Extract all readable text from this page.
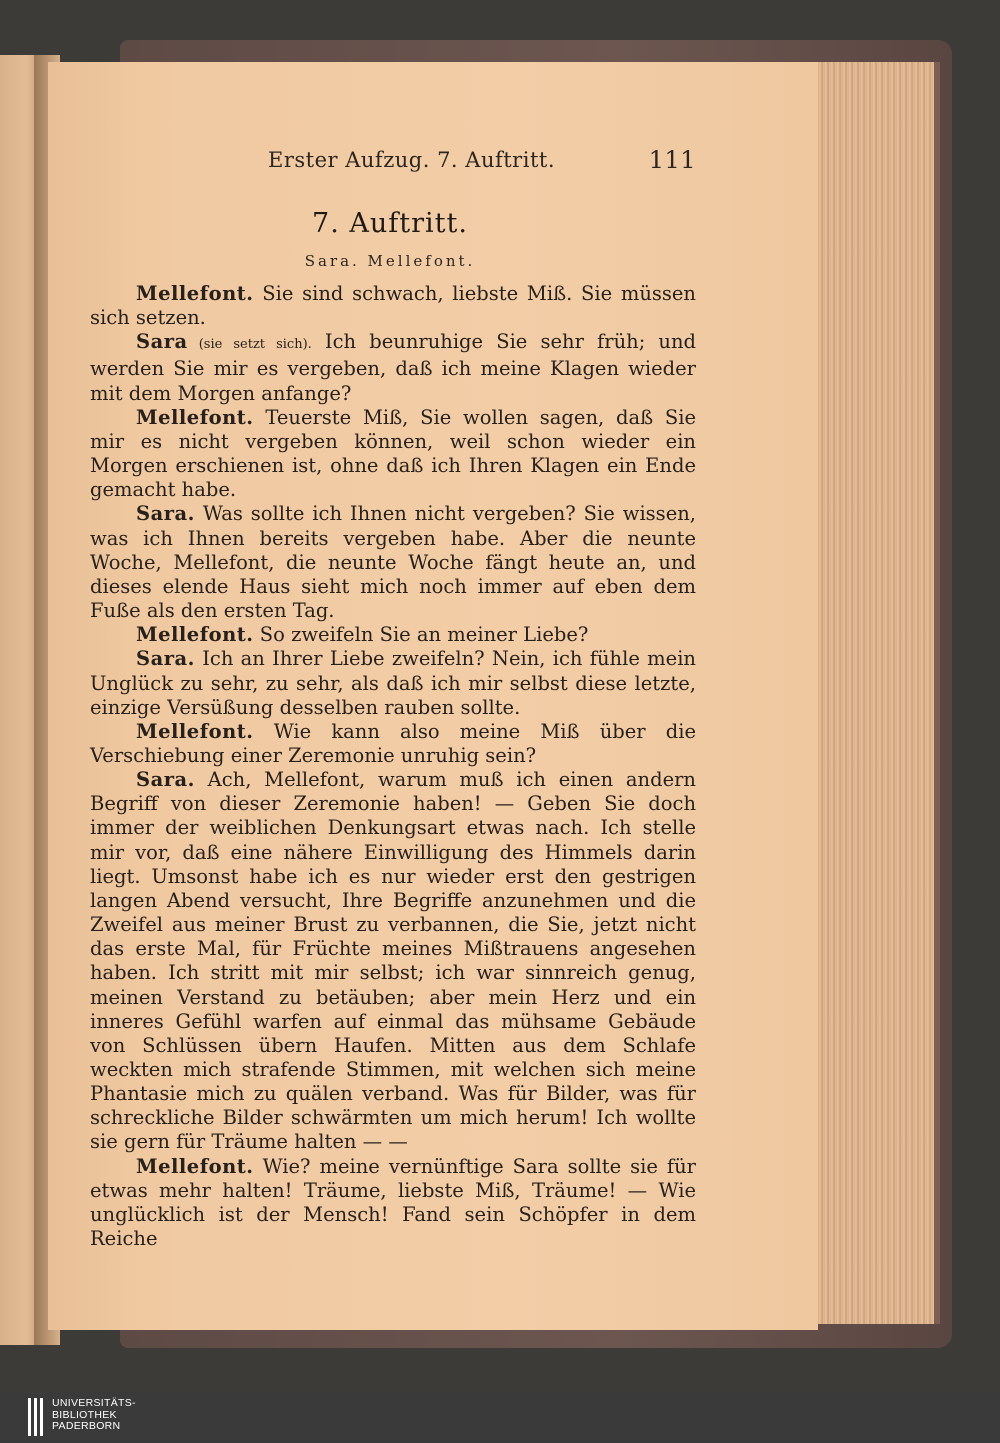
Erster Aufzug. 7. Auftritt.	111
7. Auftritt.
Sara. Mellefont.

Mellefont. Sie sind schwach, liebste Miß. Sie müssen sich setzen.

Sara (sie setzt sich). Ich beunruhige Sie sehr früh; und werden Sie mir es vergeben, daß ich meine Klagen wieder mit dem Morgen anfange?

Mellefont. Teuerste Miß, Sie wollen sagen, daß Sie mir es nicht vergeben können, weil schon wieder ein Morgen erschienen ist, ohne daß ich Ihren Klagen ein Ende gemacht habe.

Sara. Was sollte ich Ihnen nicht vergeben? Sie wissen, was ich Ihnen bereits vergeben habe. Aber die neunte Woche, Mellefont, die neunte Woche fängt heute an, und dieses elende Haus sieht mich noch immer auf eben dem Fuße als den ersten Tag.

Mellefont. So zweifeln Sie an meiner Liebe?

Sara. Ich an Ihrer Liebe zweifeln? Nein, ich fühle mein Unglück zu sehr, zu sehr, als daß ich mir selbst diese letzte, einzige Versüßung desselben rauben sollte.

Mellefont. Wie kann also meine Miß über die Verschiebung einer Zeremonie unruhig sein?

Sara. Ach, Mellefont, warum muß ich einen andern Begriff von dieser Zeremonie haben! — Geben Sie doch immer der weiblichen Denkungsart etwas nach. Ich stelle mir vor, daß eine nähere Einwilligung des Himmels darin liegt. Umsonst habe ich es nur wieder erst den gestrigen langen Abend versucht, Ihre Begriffe anzunehmen und die Zweifel aus meiner Brust zu verbannen, die Sie, jetzt nicht das erste Mal, für Früchte meines Mißtrauens angesehen haben. Ich stritt mit mir selbst; ich war sinnreich genug, meinen Verstand zu betäuben; aber mein Herz und ein inneres Gefühl warfen auf einmal das mühsame Gebäude von Schlüssen übern Haufen. Mitten aus dem Schlafe weckten mich strafende Stimmen, mit welchen sich meine Phantasie mich zu quälen verband. Was für Bilder, was für schreckliche Bilder schwärmten um mich herum! Ich wollte sie gern für Träume halten — —

Mellefont. Wie? meine vernünftige Sara sollte sie für etwas mehr halten! Träume, liebste Miß, Träume! — Wie unglücklich ist der Mensch! Fand sein Schöpfer in dem Reiche

UNIVERSITÄTS-
BIBLIOTHEK
PADERBORN
